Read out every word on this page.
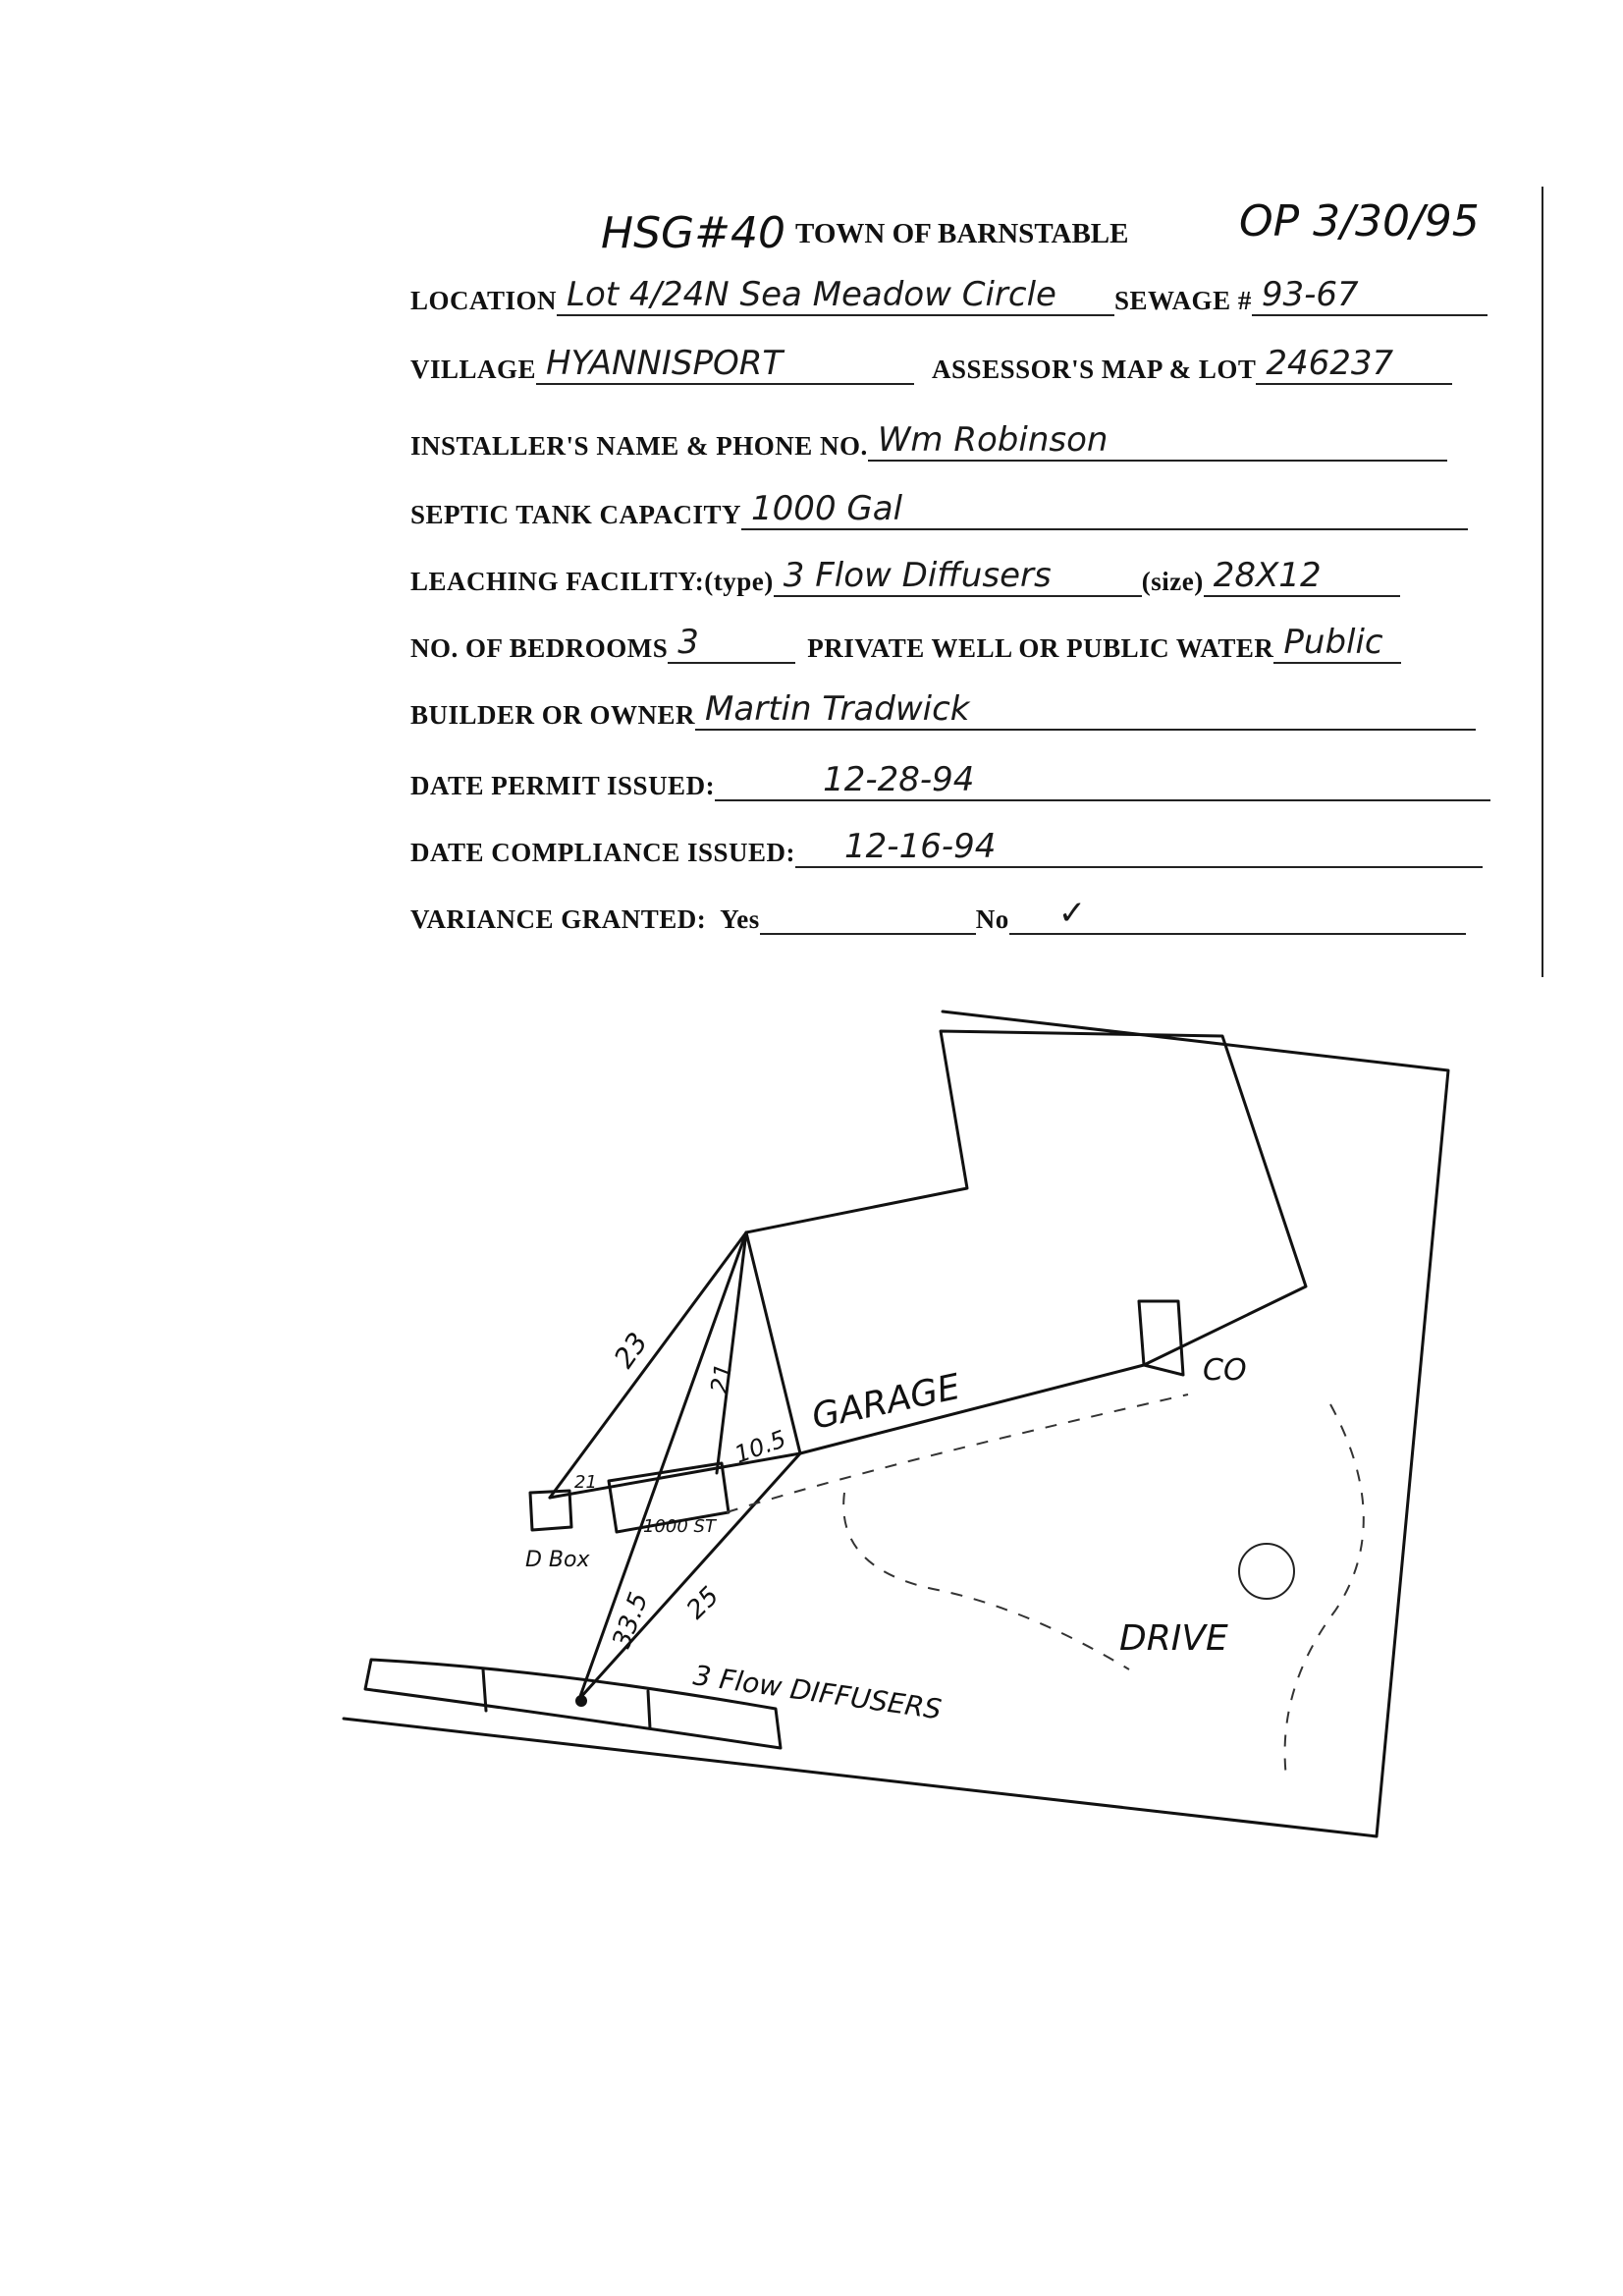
HSG#40 TOWN OF BARNSTABLE	OP 3/30/95
LOCATION Lot 4/24N Sea Meadow Circle	SEWAGE # 93-67
VILLAGE HYANNISPORT	ASSESSOR'S MAP & LOT 246237
INSTALLER'S NAME & PHONE NO. Wm Robinson
SEPTIC TANK CAPACITY 1000 Gal
LEACHING FACILITY:(type) 3 Flow Diffusers	(size) 28X12
NO. OF BEDROOMS 3	PRIVATE WELL OR PUBLIC WATER Public
BUILDER OR OWNER Martin Tradwick
DATE PERMIT ISSUED:	12-28-94
DATE COMPLIANCE ISSUED:	12-16-94
VARIANCE GRANTED: Yes	No	✓
GARAGE	CO
DRIVE
D Box
1000 ST
3 Flow DIFFUSERS
23
21
21
10.5
33.5 25
